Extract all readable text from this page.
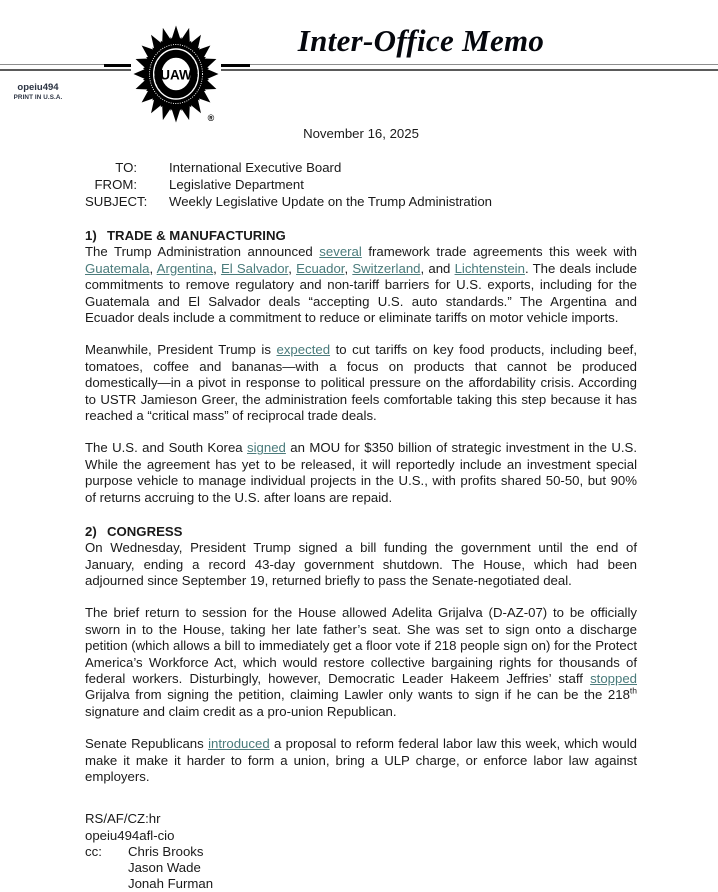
opeiu494
PRINT IN U.S.A.
UAW
®
Inter-Office Memo
November 16, 2025
TO: International Executive Board
FROM: Legislative Department
SUBJECT: Weekly Legislative Update on the Trump Administration
1) TRADE & MANUFACTURING

The Trump Administration announced several framework trade agreements this week with Guatemala, Argentina, El Salvador, Ecuador, Switzerland, and Lichtenstein. The deals include commitments to remove regulatory and non-tariff barriers for U.S. exports, including for the Guatemala and El Salvador deals “accepting U.S. auto standards.” The Argentina and Ecuador deals include a commitment to reduce or eliminate tariffs on motor vehicle imports.

Meanwhile, President Trump is expected to cut tariffs on key food products, including beef, tomatoes, coffee and bananas—with a focus on products that cannot be produced domestically—in a pivot in response to political pressure on the affordability crisis. According to USTR Jamieson Greer, the administration feels comfortable taking this step because it has reached a “critical mass” of reciprocal trade deals.

The U.S. and South Korea signed an MOU for $350 billion of strategic investment in the U.S. While the agreement has yet to be released, it will reportedly include an investment special purpose vehicle to manage individual projects in the U.S., with profits shared 50-50, but 90% of returns accruing to the U.S. after loans are repaid.

2) CONGRESS

On Wednesday, President Trump signed a bill funding the government until the end of January, ending a record 43-day government shutdown. The House, which had been adjourned since September 19, returned briefly to pass the Senate-negotiated deal.

The brief return to session for the House allowed Adelita Grijalva (D-AZ-07) to be officially sworn in to the House, taking her late father’s seat. She was set to sign onto a discharge petition (which allows a bill to immediately get a floor vote if 218 people sign on) for the Protect America’s Workforce Act, which would restore collective bargaining rights for thousands of federal workers. Disturbingly, however, Democratic Leader Hakeem Jeffries’ staff stopped Grijalva from signing the petition, claiming Lawler only wants to sign if he can be the 218th signature and claim credit as a pro-union Republican.

Senate Republicans introduced a proposal to reform federal labor law this week, which would make it make it harder to form a union, bring a ULP charge, or enforce labor law against employers.

RS/AF/CZ:hr
opeiu494afl-cio
cc:	Chris Brooks
Jason Wade
Jonah Furman
